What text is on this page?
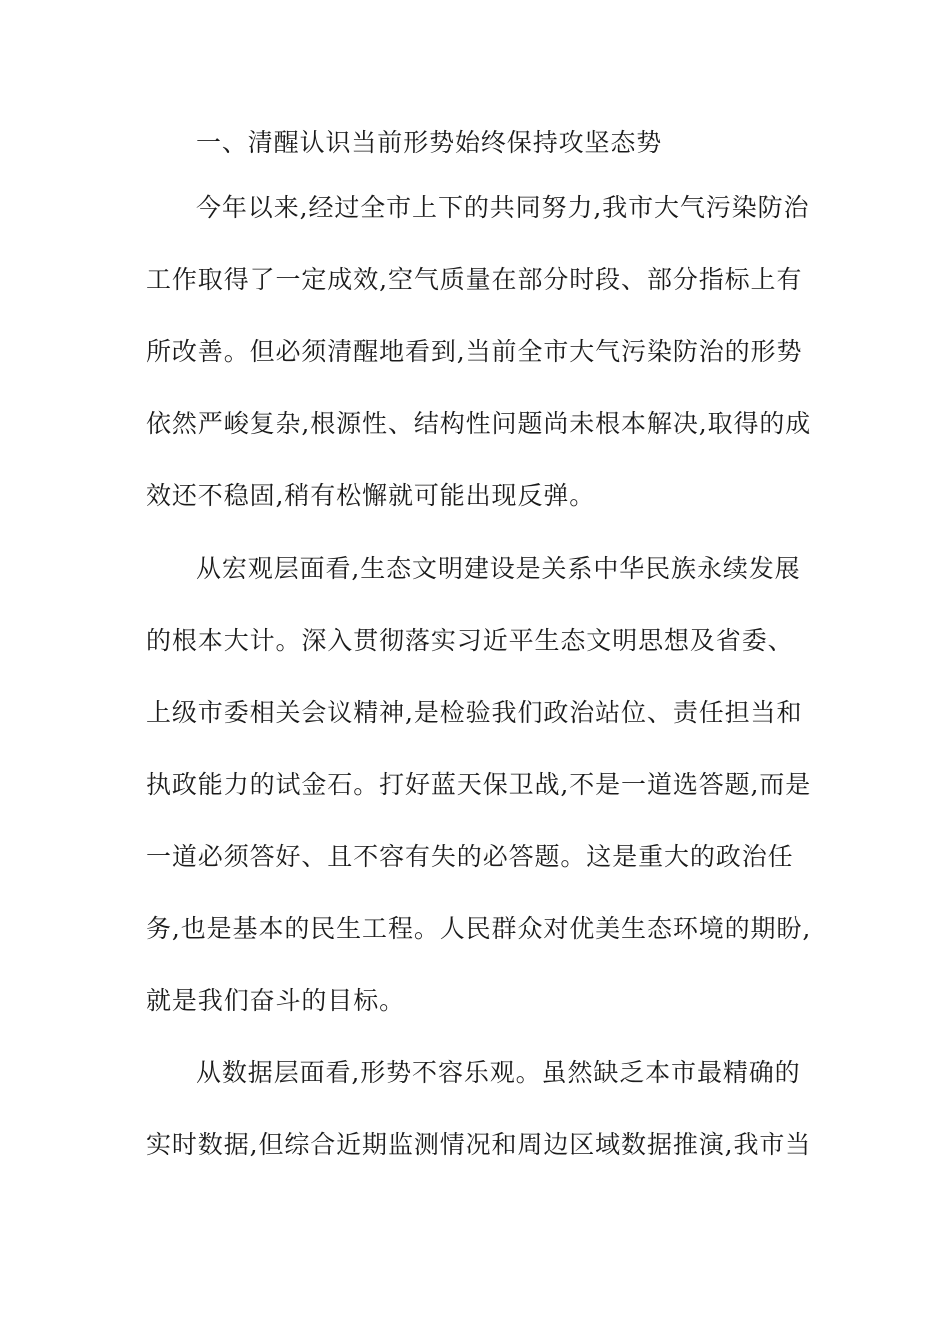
一、清醒认识当前形势始终保持攻坚态势
今年以来,经过全市上下的共同努力,我市大气污染防治
工作取得了一定成效,空气质量在部分时段、部分指标上有
所改善。但必须清醒地看到,当前全市大气污染防治的形势
依然严峻复杂,根源性、结构性问题尚未根本解决,取得的成
效还不稳固,稍有松懈就可能出现反弹。
从宏观层面看,生态文明建设是关系中华民族永续发展
的根本大计。深入贯彻落实习近平生态文明思想及省委、
上级市委相关会议精神,是检验我们政治站位、责任担当和
执政能力的试金石。打好蓝天保卫战,不是一道选答题,而是
一道必须答好、且不容有失的必答题。这是重大的政治任
务,也是基本的民生工程。人民群众对优美生态环境的期盼,
就是我们奋斗的目标。
从数据层面看,形势不容乐观。虽然缺乏本市最精确的
实时数据,但综合近期监测情况和周边区域数据推演,我市当
